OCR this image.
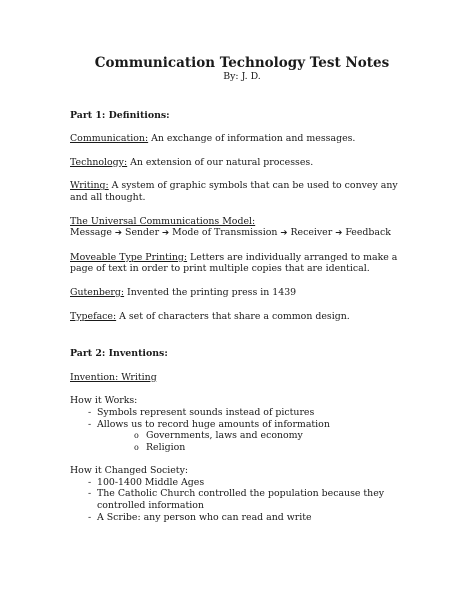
Communication Technology Test Notes

By: J. D.

Part 1: Definitions:

Communication: An exchange of information and messages.

Technology: An extension of our natural processes.

Writing: A system of graphic symbols that can be used to convey any and all thought.

The Universal Communications Model:
Message ➔ Sender ➔ Mode of Transmission ➔ Receiver ➔ Feedback

Moveable Type Printing: Letters are individually arranged to make a page of text in order to print multiple copies that are identical.

Gutenberg: Invented the printing press in 1439

Typeface: A set of characters that share a common design.

Part 2: Inventions:

Invention: Writing

How it Works:

- Symbols represent sounds instead of pictures
- Allows us to record huge amounts of information
o Governments, laws and economy
o Religion

How it Changed Society:

- 100-1400 Middle Ages
- The Catholic Church controlled the population because they controlled information
- A Scribe: any person who can read and write
